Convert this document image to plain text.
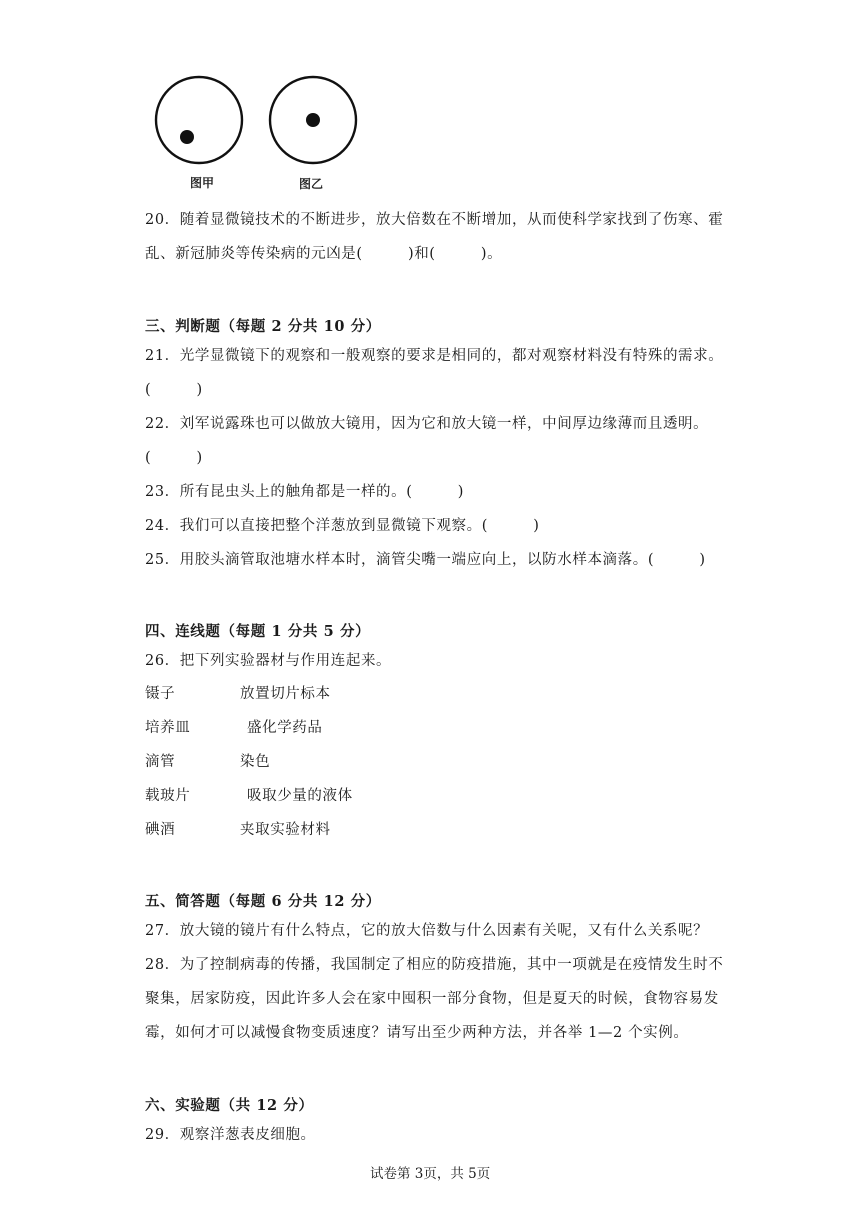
图甲	图乙
20．随着显微镜技术的不断进步，放大倍数在不断增加，从而使科学家找到了伤寒、霍
乱、新冠肺炎等传染病的元凶是(　　　)和(　　　)。
三、判断题（每题 2 分共 10 分）
21．光学显微镜下的观察和一般观察的要求是相同的，都对观察材料没有特殊的需求。
(　　　)
22．刘军说露珠也可以做放大镜用，因为它和放大镜一样，中间厚边缘薄而且透明。
(　　　)
23．所有昆虫头上的触角都是一样的。(　　　)
24．我们可以直接把整个洋葱放到显微镜下观察。(　　　)
25．用胶头滴管取池塘水样本时，滴管尖嘴一端应向上，以防水样本滴落。(　　　)
四、连线题（每题 1 分共 5 分）
26．把下列实验器材与作用连起来。
镊子	放置切片标本
培养皿	盛化学药品
滴管	染色
载玻片	吸取少量的液体
碘酒	夹取实验材料
五、简答题（每题 6 分共 12 分）
27．放大镜的镜片有什么特点，它的放大倍数与什么因素有关呢，又有什么关系呢？
28．为了控制病毒的传播，我国制定了相应的防疫措施，其中一项就是在疫情发生时不
聚集，居家防疫，因此许多人会在家中囤积一部分食物，但是夏天的时候，食物容易发
霉，如何才可以减慢食物变质速度？请写出至少两种方法，并各举 1—2 个实例。
六、实验题（共 12 分）
29．观察洋葱表皮细胞。
试卷第 3页，共 5页
